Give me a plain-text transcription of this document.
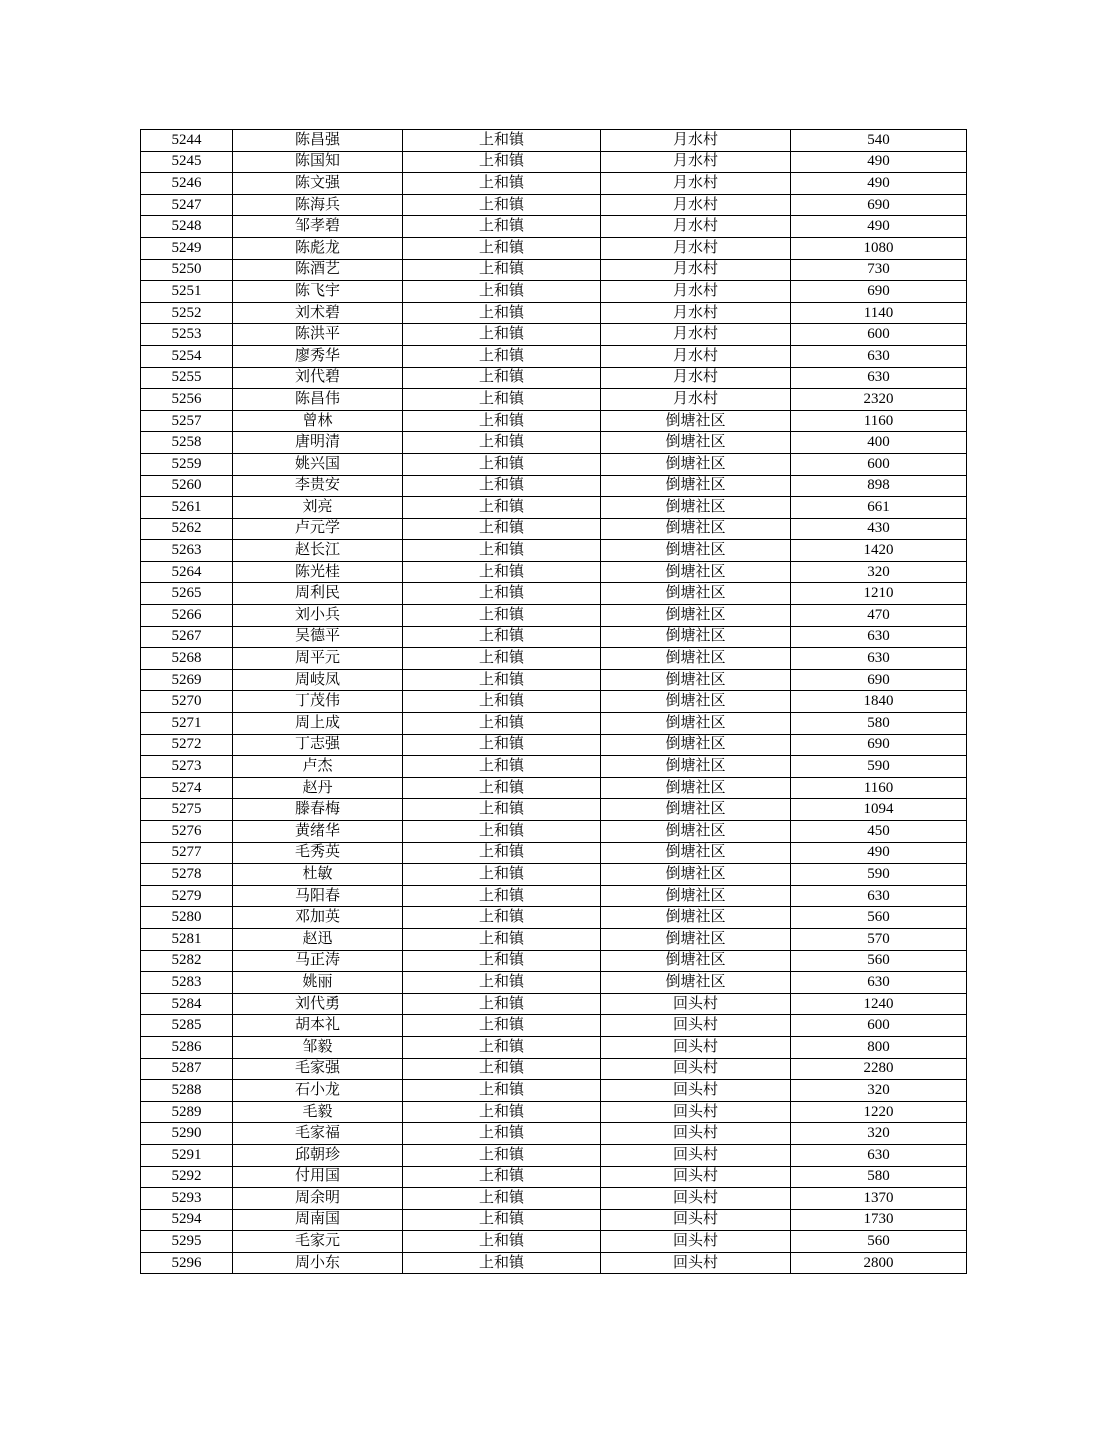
5244	陈昌强	上和镇	月水村	540
5245	陈国知	上和镇	月水村	490
5246	陈文强	上和镇	月水村	490
5247	陈海兵	上和镇	月水村	690
5248	邹孝碧	上和镇	月水村	490
5249	陈彪龙	上和镇	月水村	1080
5250	陈酒艺	上和镇	月水村	730
5251	陈飞宇	上和镇	月水村	690
5252	刘术碧	上和镇	月水村	1140
5253	陈洪平	上和镇	月水村	600
5254	廖秀华	上和镇	月水村	630
5255	刘代碧	上和镇	月水村	630
5256	陈昌伟	上和镇	月水村	2320
5257	曾林	上和镇	倒塘社区	1160
5258	唐明清	上和镇	倒塘社区	400
5259	姚兴国	上和镇	倒塘社区	600
5260	李贵安	上和镇	倒塘社区	898
5261	刘亮	上和镇	倒塘社区	661
5262	卢元学	上和镇	倒塘社区	430
5263	赵长江	上和镇	倒塘社区	1420
5264	陈光桂	上和镇	倒塘社区	320
5265	周利民	上和镇	倒塘社区	1210
5266	刘小兵	上和镇	倒塘社区	470
5267	吴德平	上和镇	倒塘社区	630
5268	周平元	上和镇	倒塘社区	630
5269	周岐凤	上和镇	倒塘社区	690
5270	丁茂伟	上和镇	倒塘社区	1840
5271	周上成	上和镇	倒塘社区	580
5272	丁志强	上和镇	倒塘社区	690
5273	卢杰	上和镇	倒塘社区	590
5274	赵丹	上和镇	倒塘社区	1160
5275	滕春梅	上和镇	倒塘社区	1094
5276	黄绪华	上和镇	倒塘社区	450
5277	毛秀英	上和镇	倒塘社区	490
5278	杜敏	上和镇	倒塘社区	590
5279	马阳春	上和镇	倒塘社区	630
5280	邓加英	上和镇	倒塘社区	560
5281	赵迅	上和镇	倒塘社区	570
5282	马正涛	上和镇	倒塘社区	560
5283	姚丽	上和镇	倒塘社区	630
5284	刘代勇	上和镇	回头村	1240
5285	胡本礼	上和镇	回头村	600
5286	邹毅	上和镇	回头村	800
5287	毛家强	上和镇	回头村	2280
5288	石小龙	上和镇	回头村	320
5289	毛毅	上和镇	回头村	1220
5290	毛家福	上和镇	回头村	320
5291	邱朝珍	上和镇	回头村	630
5292	付用国	上和镇	回头村	580
5293	周余明	上和镇	回头村	1370
5294	周南国	上和镇	回头村	1730
5295	毛家元	上和镇	回头村	560
5296	周小东	上和镇	回头村	2800
